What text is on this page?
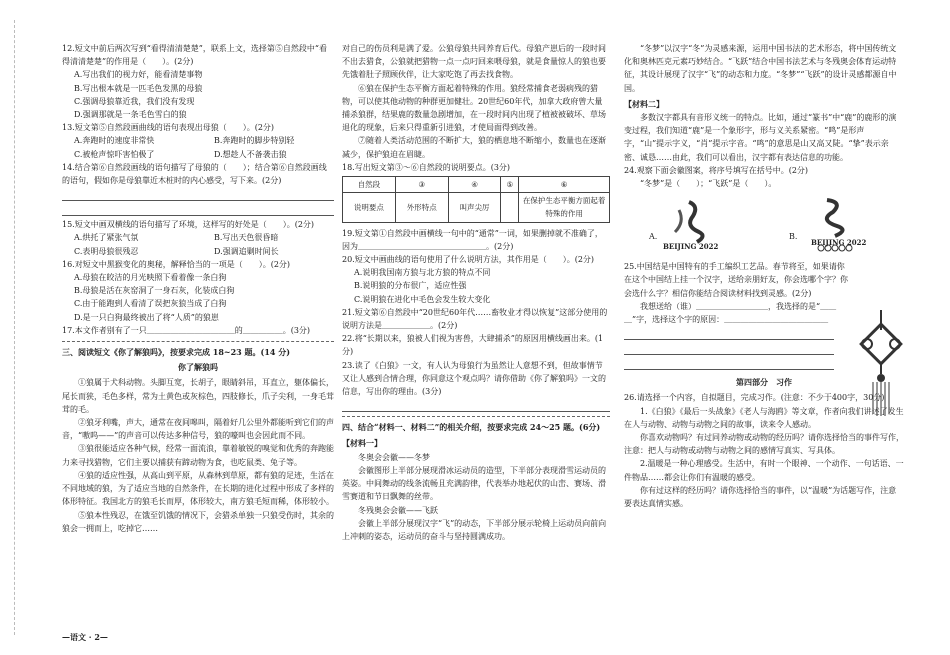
12.短文中前后两次写到“看得清清楚楚”，联系上文，选择第⑤自然段中“看得清清楚楚”的作用是（　　）。(2分)

A.写出我们的视力好，能看清楚事物

B.写出根本就是一匹毛色发黑的母狼

C.强调母狼靠近我，我们没有发现

D.强调那就是一条毛色雪白的狼

13.短文第⑤自然段画曲线的语句表现出母狼（　　）。(2分)

A.奔跑时的速度非常快	B.奔跑时的脚步特别轻
C.被枪声惊吓害怕极了	D.想趁人不备袭击狼

14.结合第⑥自然段画线的语句描写了母狼的（　　）；结合第⑥自然段画线的语句，假如你是母狼靠近木桩时的内心感受，写下来。(2分)

15.短文中画双横线的语句描写了环境，这样写的好处是（　　）。(2分)

A.烘托了紧张气氛	B.写出天色很昏暗
C.表明母狼很残忍	D.强调追剿时间长

16.对短文中黑猴变化的奥秘，解释恰当的一项是（　　）。(2分)

A.母狼在皎洁的月光映照下看着像一条白狗

B.母狼是活在灰窑洞了一身石灰，化装成白狗

C.由于能跑到人看清了误把灰狼当成了白狗

D.是一只白狗最终被出了将“人质”的狼崽

17.本文作者别有了一只＿＿＿＿＿＿＿＿＿＿＿的＿＿＿＿＿。(3分)

三、阅读短文《你了解狼吗》，按要求完成 18~23 题。(14 分)

你了解狼吗

①狼属于犬科动物。头脚互宽，长胡子，眼睛斜吊，耳直立，躯体偏长，尾长而狭，毛色多样，常为土黄色或灰棕色，四肢修长，爪子尖利，一身毛茸茸的毛。

②狼牙利嘴，声大，通常在夜间嗥叫，隔着好几公里外都能听到它们的声音，“嗷呜——”的声音可以传达多种信号，狼的嚎叫也会因此而不同。

③狼很能适应各种气候，经常一面流浪，靠着敏锐的嗅觉和优秀的奔跑能力来寻找猎物，它们主要以捕获有蹄动物为食，也吃鼠类、兔子等。

④狼的适应性强，从高山到平原，从森林到草原，都有狼的足迹，生活在不同地域的狼，为了适应当地的自然条件，在长期的进化过程中形成了多样的体形特征。我国北方的狼毛长而厚，体形较大，南方狼毛短而稀，体形较小。

⑤狼本性残忍，在饿至饥饿的情况下，会猎杀单独一只狼受伤时，其余的狼会一拥而上，吃掉它……

对自己的伤员利是满了爱。公狼母狼共同养育后代。母狼产崽后的一段时间不出去猎食，公狼就把猎物一点一点叼回来喂母狼，就是食量惊人的狼也要先饿着肚子照顾伙伴，让大家吃饱了再去找食物。

⑥狼在保护生态平衡方面起着特殊的作用。狼经常捕食老弱病残的猎物，可以使其他动物的种群更加健壮。20世纪60年代，加拿大政府曾大量捕杀狼群，结果鹿的数量急剧增加，在一段时间内出现了植被被破坏、草场退化的现象，后来只得重新引进狼，才使局面得到改善。

⑦随着人类活动范围的不断扩大，狼的栖息地不断缩小，数量也在逐渐减少，保护狼迫在眉睫。

18.写出短文第③～⑥自然段的说明要点。(3分)

自然段	③	④	⑤	⑥
说明要点	外形特点	叫声尖厉		在保护生态平衡方面起着特殊的作用

19.短文第①自然段中画横线一句中的“通常”一词，如果删掉就不准确了，因为＿＿＿＿＿＿＿＿＿＿＿＿＿＿＿＿。(2分)

20.短文中画曲线的语句使用了什么说明方法，其作用是（　　）。(2分)

A.说明我国南方狼与北方狼的特点不同

B.说明狼的分布很广，适应性强

C.说明狼在进化中毛色会发生较大变化

21.短文第⑥自然段中“20世纪60年代……畜牧业才得以恢复”这部分使用的说明方法是＿＿＿＿＿＿。(2分)

22.将“长期以来，狼被人们视为害兽，大肆捕杀”的原因用横线画出来。(1分)

23.读了《白狼》一文，有人认为母狼行为虽然让人意想不到，但故事情节又让人感到合情合理，你同意这个观点吗？请你借助《你了解狼吗》一文的信息，写出你的理由。(3分)

四、结合“材料一、材料二”的相关介绍，按要求完成 24～25 题。(6分)

【材料一】

冬奥会会徽——冬梦

会徽图形上半部分展现滑冰运动员的造型，下半部分表现滑雪运动员的英姿。中间舞动的线条流畅且充满韵律，代表举办地起伏的山峦、赛场、滑雪赛道和节日飘舞的丝带。

冬残奥会会徽——飞跃

会徽上半部分展现汉字“飞”的动态，下半部分展示轮椅上运动员向前向上冲刺的姿态，运动员的奋斗与坚持圆满成功。

“冬梦”以汉字“冬”为灵感来源，运用中国书法的艺术形态，将中国传统文化和奥林匹克元素巧妙结合。“飞跃”结合中国书法艺术与冬残奥会体育运动特征，其设计展现了汉字“飞”的动态和力度。“冬梦”“飞跃”的设计灵感都源自中国。

【材料二】

多数汉字都具有音形义统一的特点。比如，通过“篆书”中“鹿”的鹿形的演变过程，我们知道“鹿”是一个象形字，形与义关系紧密。“鸣”是形声字，“山”提示字义，“肖”提示字音。“鸣”的意思是山又高又陡。“挚”表示亲密、诚恳……由此，我们可以看出，汉字都有表达信息的功能。

24.观察下面会徽图案，将序号填写在括号中。(2分)

“冬梦”是（　　）；“飞跃”是（　　）。

A.
BEIJING 2022
B.
BEIJING 2022

25.中国结是中国特有的手工编织工艺品。春节将至，如果请你在这个中国结上挂一个汉字，送给亲朋好友，你会选哪个字？你会选什么字？相信你能结合阅读材料找到灵感。(2分)

我想送给（谁）＿＿＿＿＿＿＿＿＿，我选择的是“＿＿＿”字，选择这个字的原因：＿＿＿＿＿＿＿＿＿＿＿＿＿

第四部分　习作

26.请选择一个内容，自拟题目，完成习作。(注意：不少于400字，30分)

1.《白狼》《最后一头战象》《老人与海鸥》等文章，作者向我们讲述了发生在人与动物、动物与动物之间的故事，读来令人感动。

你喜欢动物吗？有过同养动物或动物的经历吗？请你选择恰当的事件写作，注意：把人与动物或动物与动物之间的感情写真实、写具体。

2.温暖是一种心理感受。生活中，有时一个眼神、一个动作、一句话语、一件物品……都会让你们有温暖的感受。

你有过这样的经历吗？请你选择恰当的事件，以“温暖”为话题写作，注意要表达真情实感。

—语文 · 2—
